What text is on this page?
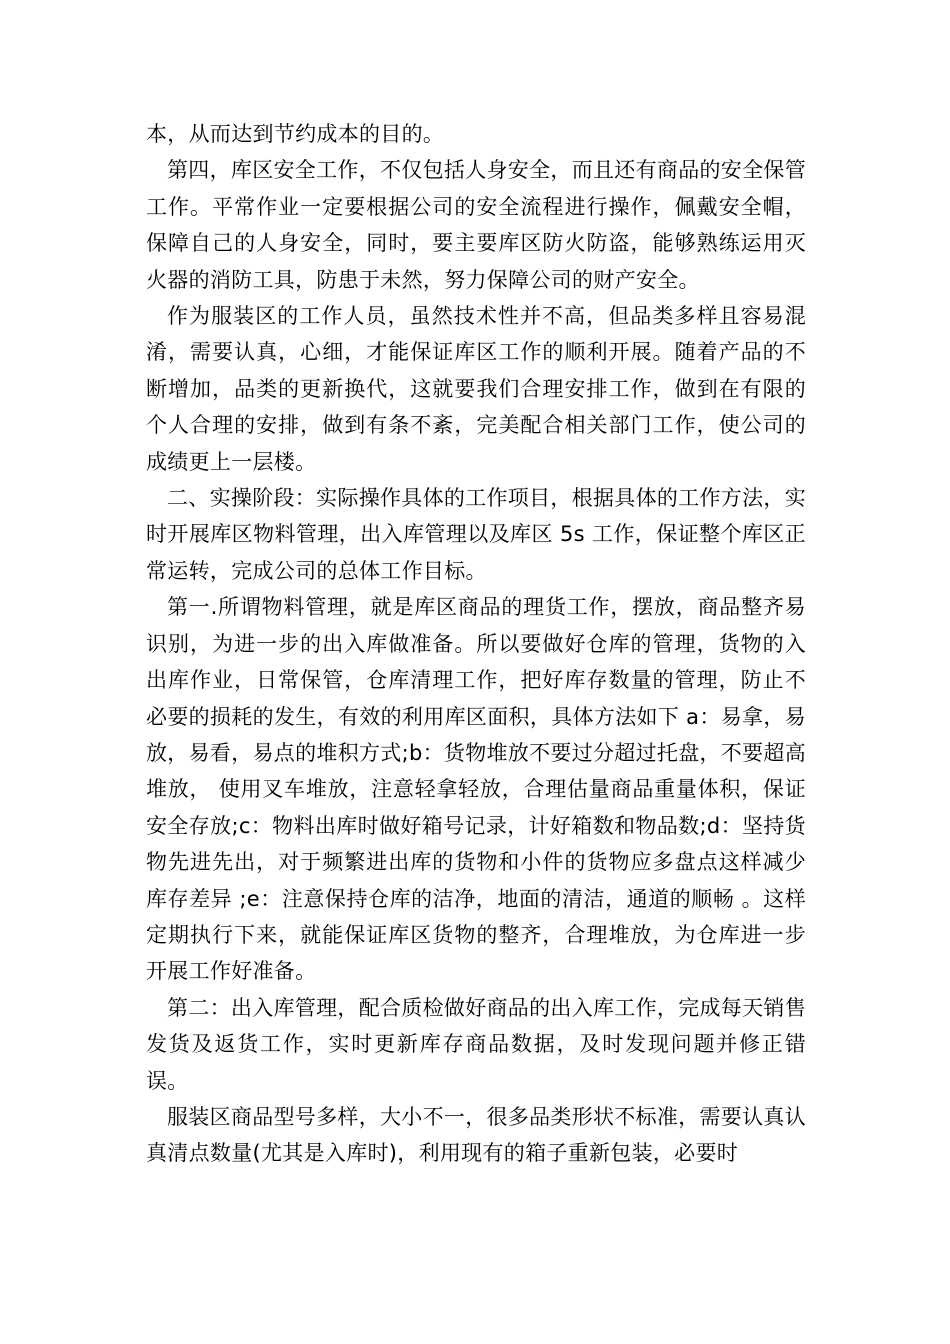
本，从而达到节约成本的目的。

第四，库区安全工作，不仅包括人身安全，而且还有商品的安全保管工作。平常作业一定要根据公司的安全流程进行操作，佩戴安全帽，保障自己的人身安全，同时，要主要库区防火防盗，能够熟练运用灭火器的消防工具，防患于未然，努力保障公司的财产安全。

作为服装区的工作人员，虽然技术性并不高，但品类多样且容易混淆，需要认真，心细，才能保证库区工作的顺利开展。随着产品的不断增加，品类的更新换代，这就要我们合理安排工作，做到在有限的个人合理的安排，做到有条不紊，完美配合相关部门工作，使公司的成绩更上一层楼。

二、实操阶段：实际操作具体的工作项目，根据具体的工作方法，实时开展库区物料管理，出入库管理以及库区 5s 工作，保证整个库区正常运转，完成公司的总体工作目标。

第一.所谓物料管理，就是库区商品的理货工作，摆放，商品整齐易识别，为进一步的出入库做准备。所以要做好仓库的管理，货物的入出库作业，日常保管，仓库清理工作，把好库存数量的管理，防止不必要的损耗的发生，有效的利用库区面积，具体方法如下 a：易拿，易放，易看，易点的堆积方式;b：货物堆放不要过分超过托盘，不要超高堆放， 使用叉车堆放，注意轻拿轻放，合理估量商品重量体积，保证安全存放;c：物料出库时做好箱号记录，计好箱数和物品数;d：坚持货物先进先出，对于频繁进出库的货物和小件的货物应多盘点这样减少库存差异 ;e：注意保持仓库的洁净，地面的清洁，通道的顺畅 。这样定期执行下来，就能保证库区货物的整齐，合理堆放，为仓库进一步开展工作好准备。

第二：出入库管理，配合质检做好商品的出入库工作，完成每天销售发货及返货工作，实时更新库存商品数据，及时发现问题并修正错误。

服装区商品型号多样，大小不一，很多品类形状不标准，需要认真认真清点数量(尤其是入库时)，利用现有的箱子重新包装，必要时
